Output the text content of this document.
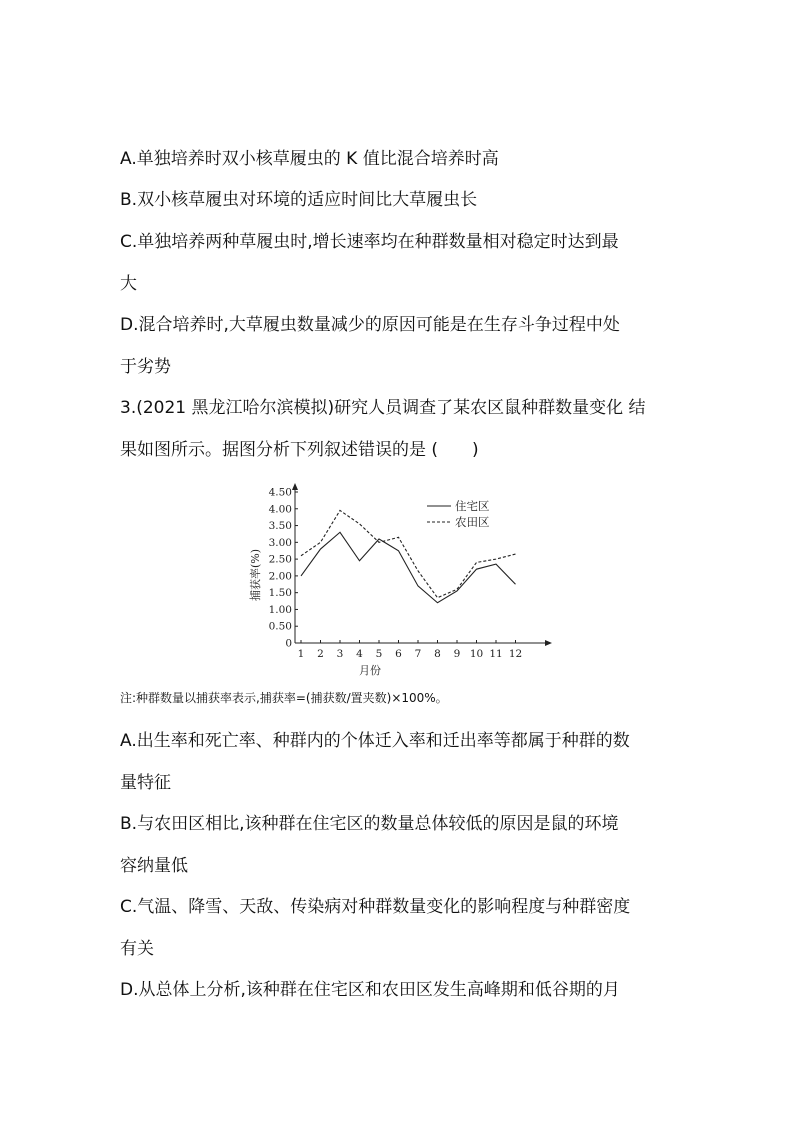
A.单独培养时双小核草履虫的 K 值比混合培养时高
B.双小核草履虫对环境的适应时间比大草履虫长
C.单独培养两种草履虫时,增长速率均在种群数量相对稳定时达到最
大
D.混合培养时,大草履虫数量减少的原因可能是在生存斗争过程中处
于劣势
3.(2021 黑龙江哈尔滨模拟)研究人员调查了某农区鼠种群数量变化 结
果如图所示。据图分析下列叙述错误的是 (　　)
A.出生率和死亡率、种群内的个体迁入率和迁出率等都属于种群的数
量特征
B.与农田区相比,该种群在住宅区的数量总体较低的原因是鼠的环境
容纳量低
C.气温、降雪、天敌、传染病对种群数量变化的影响程度与种群密度
有关
D.从总体上分析,该种群在住宅区和农田区发生高峰期和低谷期的月
0
0.50
1.00
1.50
2.00
2.50
3.00
3.50
4.00
4.50
1 2 3 4 5 6 7 8 9 10 11 12
住宅区
农田区
月份
捕获率(%)
注:种群数量以捕获率表示,捕获率=(捕获数/置夹数)×100%。
